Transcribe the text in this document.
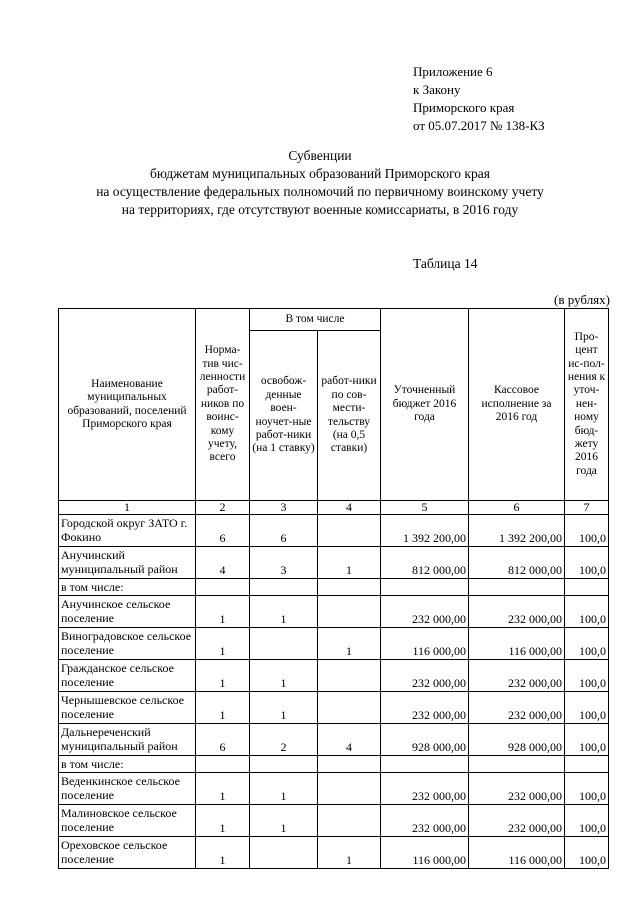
Приложение 6
к Закону
Приморского края
от 05.07.2017 № 138-КЗ
Субвенции
бюджетам муниципальных образований Приморского края
на осуществление федеральных полномочий по первичному воинскому учету
на территориях, где отсутствуют военные комиссариаты, в 2016 году
Таблица 14
(в рублях)
Наименование муниципальных образований, поселений Приморского края	Норма-тив чис-ленности работ-ников по воинс-кому учету, всего	В том числе		Уточненный бюджет 2016 года	Кассовое исполнение за 2016 год	Про-цент ис-пол-нения к уточ-нен-ному бюд-жету 2016 года
		освобож-денные воен-ноучет-ные работ-ники (на 1 ставку)	работ-ники по сов-мести-тельству (на 0,5 ставки)			
1	2	3	4	5	6	7
Городской округ ЗАТО г. Фокино	6	6		1 392 200,00	1 392 200,00	100,0
Анучинский муниципальный район	4	3	1	812 000,00	812 000,00	100,0
в том числе:						
Анучинское сельское поселение	1	1		232 000,00	232 000,00	100,0
Виноградовское сельское поселение	1		1	116 000,00	116 000,00	100,0
Гражданское сельское поселение	1	1		232 000,00	232 000,00	100,0
Чернышевское сельское поселение	1	1		232 000,00	232 000,00	100,0
Дальнереченский муниципальный район	6	2	4	928 000,00	928 000,00	100,0
в том числе:						
Веденкинское сельское поселение	1	1		232 000,00	232 000,00	100,0
Малиновское сельское поселение	1	1		232 000,00	232 000,00	100,0
Ореховское сельское поселение	1		1	116 000,00	116 000,00	100,0
